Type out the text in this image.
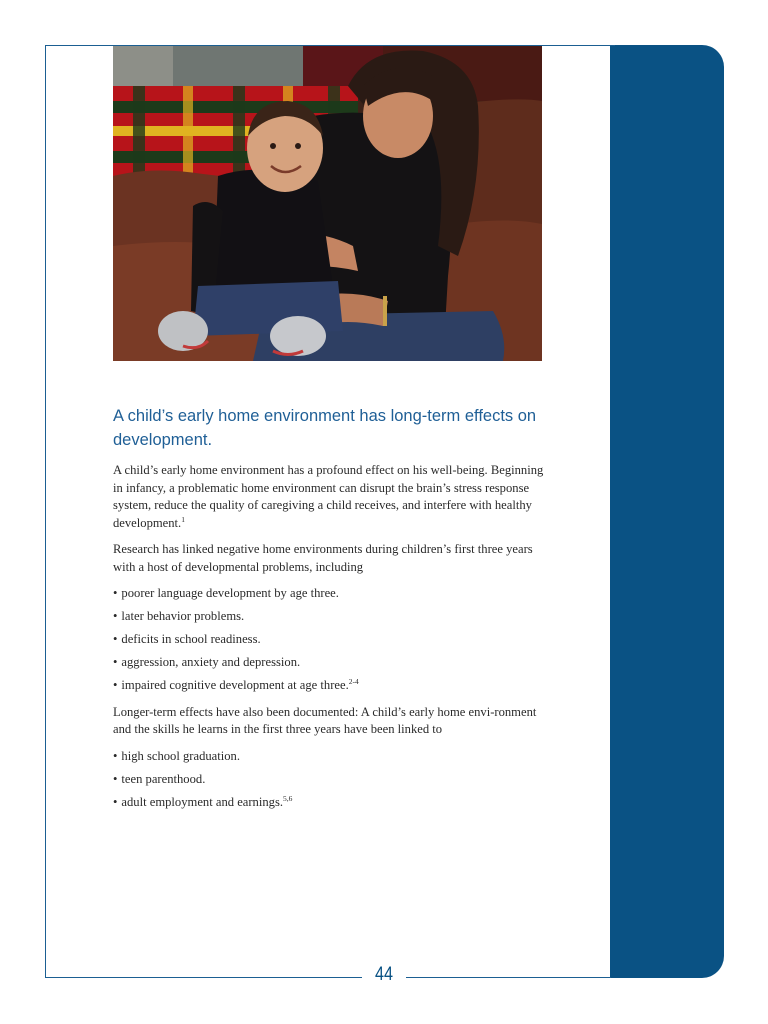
44
A child’s early home environment has long-term effects on development.

A child’s early home environment has a profound effect on his well-being. Beginning in infancy, a problematic home environment can disrupt the brain’s stress response system, reduce the quality of caregiving a child receives, and interfere with healthy development.$^1$

Research has linked negative home environments during children’s first three years with a host of developmental problems, including

• poorer language development by age three.
• later behavior problems.
• deficits in school readiness.
• aggression, anxiety and depression.
• impaired cognitive development at age three.$^{2-4}$

Longer-term effects have also been documented: A child’s early home envi-ronment and the skills he learns in the first three years have been linked to

• high school graduation.
• teen parenthood.
• adult employment and earnings.$^{5,6}$
